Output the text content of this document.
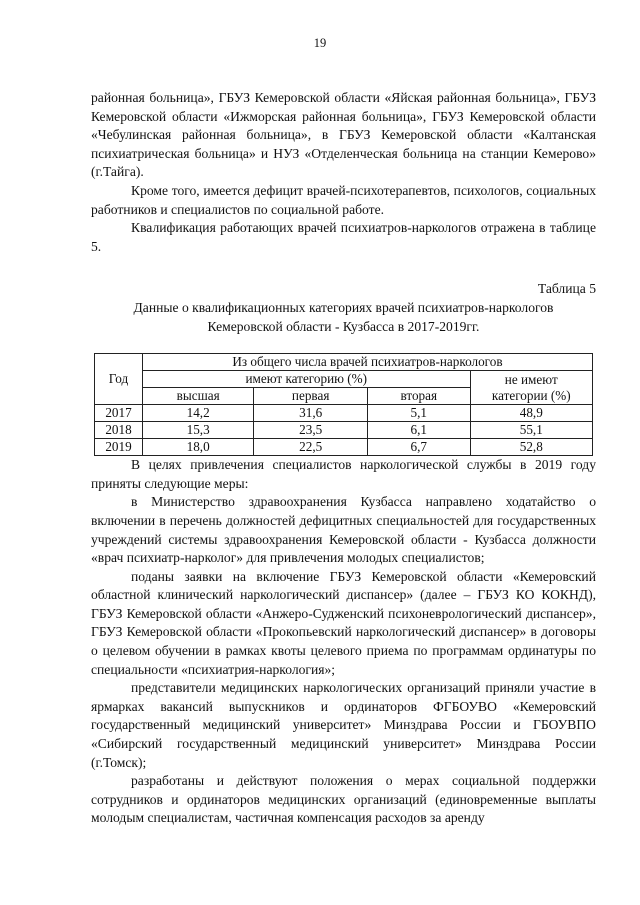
19

районная больница», ГБУЗ Кемеровской области «Яйская районная больница», ГБУЗ Кемеровской области «Ижморская районная больница», ГБУЗ Кемеровской области «Чебулинская районная больница», в ГБУЗ Кемеровской области «Калтанская психиатрическая больница» и НУЗ «Отделенческая больница на станции Кемерово» (г.Тайга).

Кроме того, имеется дефицит врачей-психотерапевтов, психологов, социальных работников и специалистов по социальной работе.

Квалификация работающих врачей психиатров-наркологов отражена в таблице 5.

Таблица 5
Данные о квалификационных категориях врачей психиатров-наркологов
Кемеровской области - Кузбасса в 2017-2019гг.
Год	Из общего числа врачей психиатров-наркологов			
	имеют категорию (%)			не имеют
категории (%)
	высшая	первая	вторая	
2017	14,2	31,6	5,1	48,9
2018	15,3	23,5	6,1	55,1
2019	18,0	22,5	6,7	52,8

В целях привлечения специалистов наркологической службы в 2019 году приняты следующие меры:

в Министерство здравоохранения Кузбасса направлено ходатайство о включении в перечень должностей дефицитных специальностей для государственных учреждений системы здравоохранения Кемеровской области - Кузбасса должности «врач психиатр-нарколог» для привлечения молодых специалистов;

поданы заявки на включение ГБУЗ Кемеровской области «Кемеровский областной клинический наркологический диспансер» (далее – ГБУЗ КО КОКНД), ГБУЗ Кемеровской области «Анжеро-Судженский психоневрологический диспансер», ГБУЗ Кемеровской области «Прокопьевский наркологический диспансер» в договоры о целевом обучении в рамках квоты целевого приема по программам ординатуры по специальности «психиатрия-наркология»;

представители медицинских наркологических организаций приняли участие в ярмарках вакансий выпускников и ординаторов ФГБОУВО «Кемеровский государственный медицинский университет» Минздрава России и ГБОУВПО «Сибирский государственный медицинский университет» Минздрава России (г.Томск);

разработаны и действуют положения о мерах социальной поддержки сотрудников и ординаторов медицинских организаций (единовременные выплаты молодым специалистам, частичная компенсация расходов за аренду
